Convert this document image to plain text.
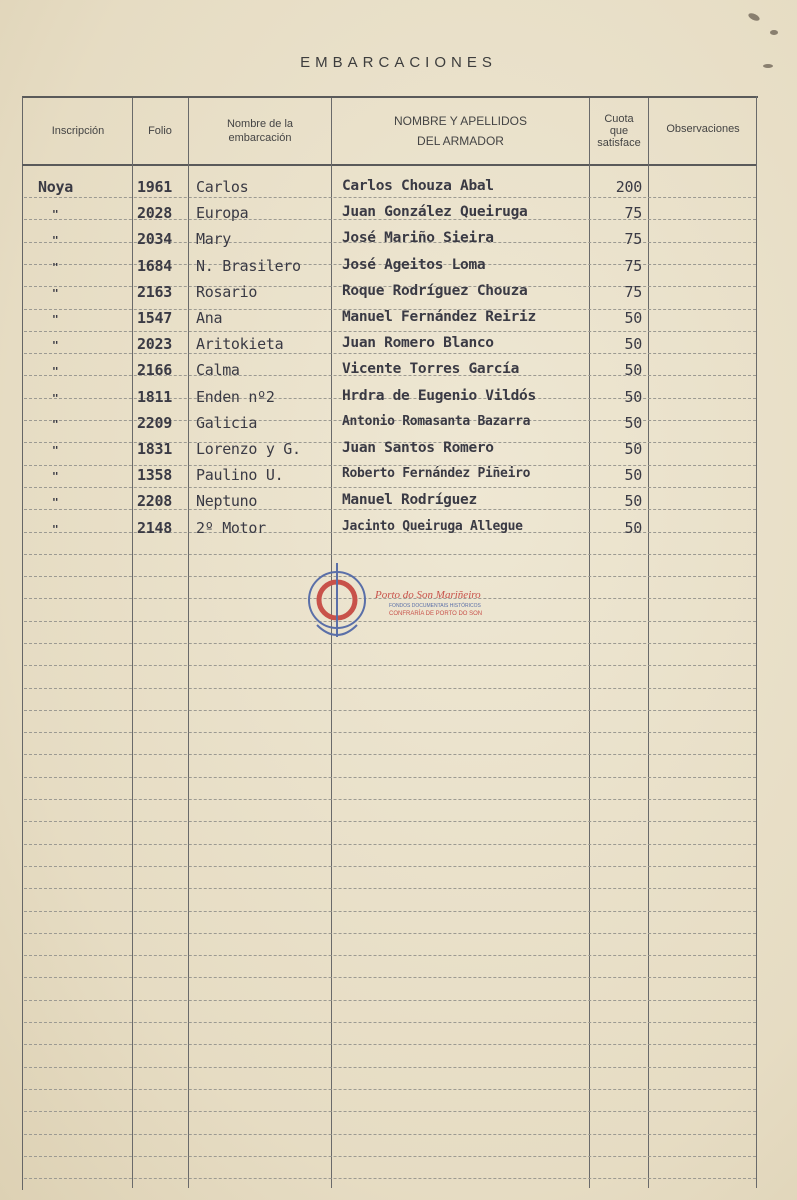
EMBARCACIONES
Inscripción	Folio
Nombre de la
embarcación
NOMBRE Y APELLIDOS
DEL ARMADOR
Cuota
que
satisface
Observaciones
Noya	1961 Carlos	Carlos Chouza Abal	200
"	2028 Europa	Juan González Queiruga	75
"	2034 Mary	José Mariño Sieira	75
"	1684 N. Brasilero	José Ageitos Loma	75
"	2163 Rosario	Roque Rodríguez Chouza	75
"	1547 Ana	Manuel Fernández Reiriz	50
"	2023 Aritokieta	Juan Romero Blanco	50
"	2166 Calma	Vicente Torres García	50
"	1811 Enden nº2	Hrdra de Eugenio Vildós	50
"	2209 Galicia	Antonio Romasanta Bazarra	50
"	1831 Lorenzo y G.	Juan Santos Romero	50
"	1358 Paulino U.	Roberto Fernández Piñeiro	50
"	2208 Neptuno	Manuel Rodríguez	50
"	2148 2º Motor	Jacinto Queiruga Allegue	50
Porto do Son Mariñeiro
FONDOS DOCUMENTAIS HISTÓRICOS
CONFRARÍA DE PORTO DO SON
